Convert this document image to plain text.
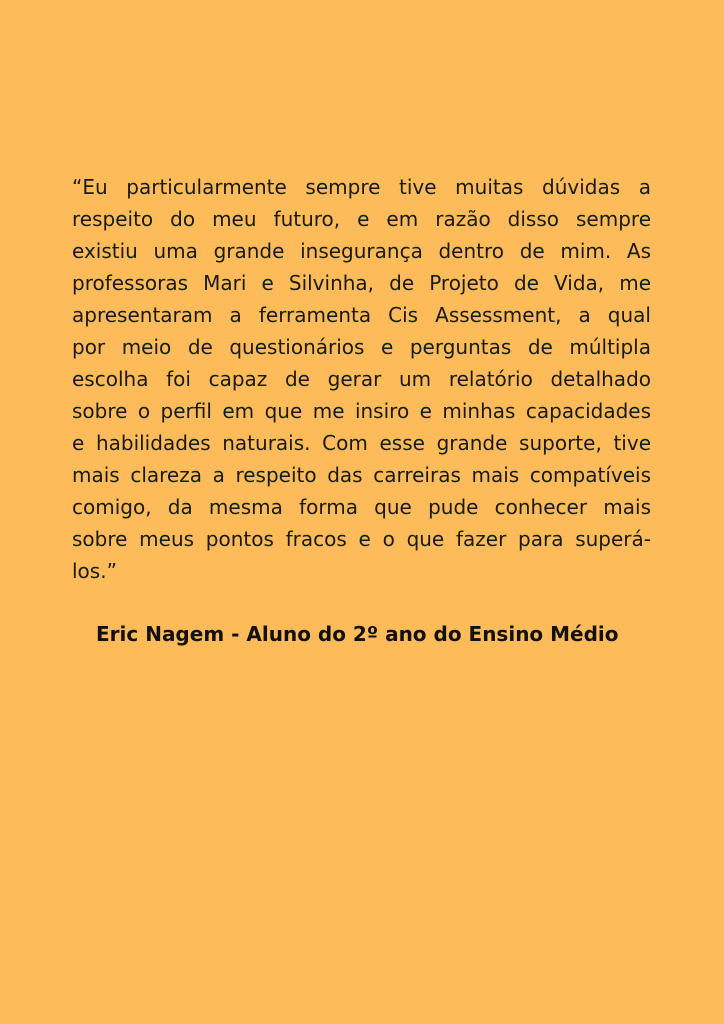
“Eu particularmente sempre tive muitas dúvidas a
respeito do meu futuro, e em razão disso sempre
existiu uma grande insegurança dentro de mim. As
professoras Mari e Silvinha, de Projeto de Vida, me
apresentaram a ferramenta Cis Assessment, a qual
por meio de questionários e perguntas de múltipla
escolha foi capaz de gerar um relatório detalhado
sobre o perfil em que me insiro e minhas capacidades
e habilidades naturais. Com esse grande suporte, tive
mais clareza a respeito das carreiras mais compatíveis
comigo, da mesma forma que pude conhecer mais
sobre meus pontos fracos e o que fazer para superá-
los.”
Eric Nagem - Aluno do 2º ano do Ensino Médio
